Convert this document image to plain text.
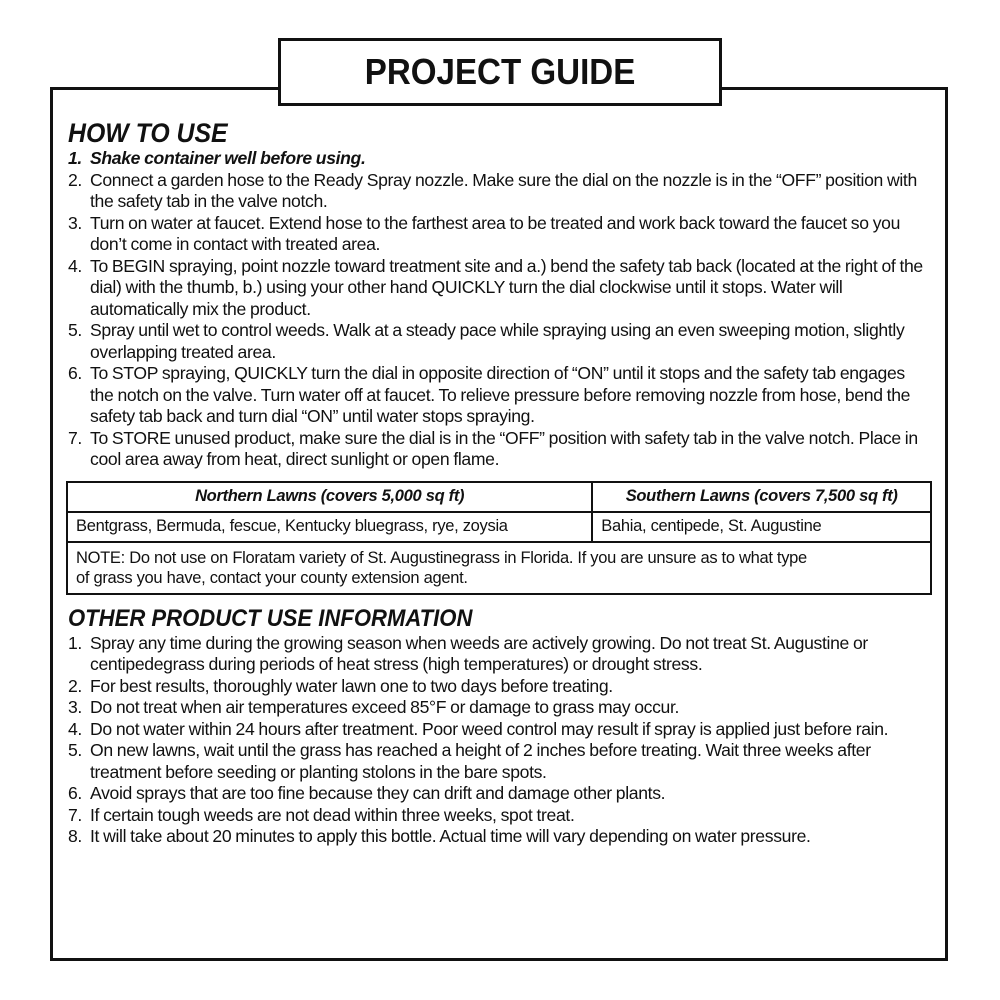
PROJECT GUIDE
HOW TO USE
1. Shake container well before using.
2. Connect a garden hose to the Ready Spray nozzle. Make sure the dial on the nozzle is in the “OFF” position with the safety tab in the valve notch.
3. Turn on water at faucet. Extend hose to the farthest area to be treated and work back toward the faucet so you don’t come in contact with treated area.
4. To BEGIN spraying, point nozzle toward treatment site and a.) bend the safety tab back (located at the right of the dial) with the thumb, b.) using your other hand QUICKLY turn the dial clockwise until it stops. Water will automatically mix the product.
5. Spray until wet to control weeds. Walk at a steady pace while spraying using an even sweeping motion, slightly overlapping treated area.
6. To STOP spraying, QUICKLY turn the dial in opposite direction of “ON” until it stops and the safety tab engages the notch on the valve. Turn water off at faucet. To relieve pressure before removing nozzle from hose, bend the safety tab back and turn dial “ON” until water stops spraying.
7. To STORE unused product, make sure the dial is in the “OFF” position with safety tab in the valve notch. Place in cool area away from heat, direct sunlight or open flame.
Northern Lawns (covers 5,000 sq ft)	Southern Lawns (covers 7,500 sq ft)
Bentgrass, Bermuda, fescue, Kentucky bluegrass, rye, zoysia	Bahia, centipede, St. Augustine
NOTE: Do not use on Floratam variety of St. Augustinegrass in Florida. If you are unsure as to what type
of grass you have, contact your county extension agent.	
OTHER PRODUCT USE INFORMATION
1. Spray any time during the growing season when weeds are actively growing. Do not treat St. Augustine or centipedegrass during periods of heat stress (high temperatures) or drought stress.
2. For best results, thoroughly water lawn one to two days before treating.
3. Do not treat when air temperatures exceed 85°F or damage to grass may occur.
4. Do not water within 24 hours after treatment. Poor weed control may result if spray is applied just before rain.
5. On new lawns, wait until the grass has reached a height of 2 inches before treating. Wait three weeks after treatment before seeding or planting stolons in the bare spots.
6. Avoid sprays that are too fine because they can drift and damage other plants.
7. If certain tough weeds are not dead within three weeks, spot treat.
8. It will take about 20 minutes to apply this bottle. Actual time will vary depending on water pressure.
